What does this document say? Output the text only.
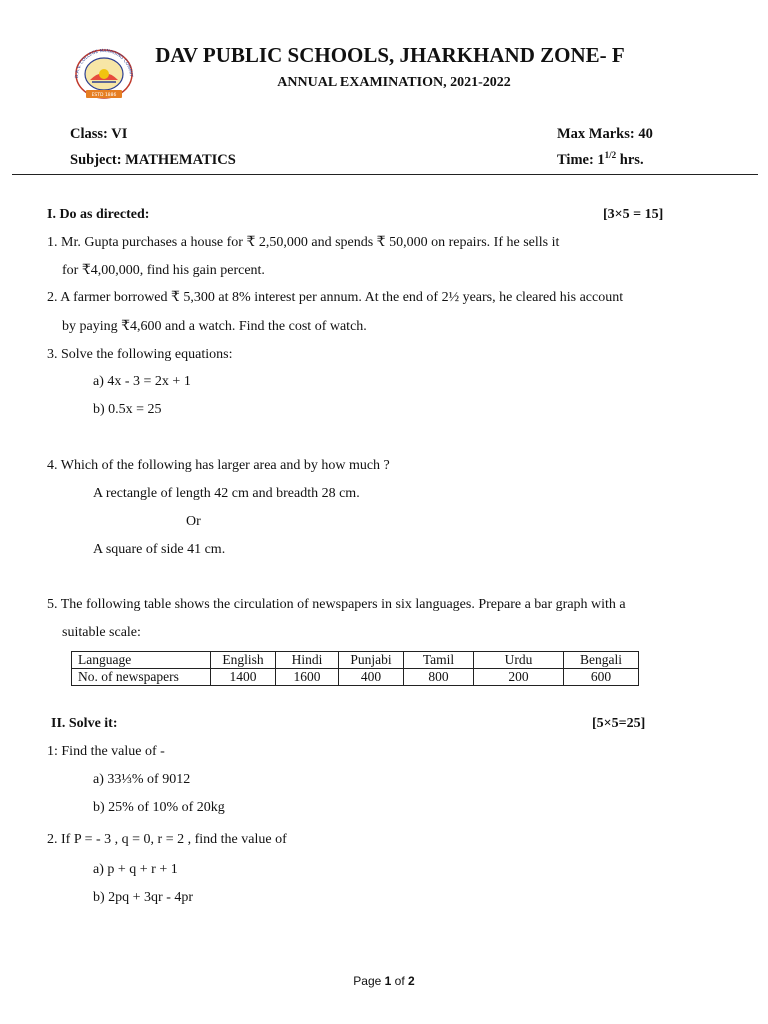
D.A.V. COLLEGE MANAGING COMMIT
ESTD 1886
DAV PUBLIC SCHOOLS, JHARKHAND ZONE- F
ANNUAL EXAMINATION, 2021-2022
Class: VI	Max Marks: 40
Subject: MATHEMATICS	Time: $1^{1/2}$ hrs.
I. Do as directed:	[3×5 = 15]
1. Mr. Gupta purchases a house for ₹ 2,50,000 and spends ₹ 50,000 on repairs. If he sells it
for ₹4,00,000, find his gain percent.
2. A farmer borrowed ₹ 5,300 at 8% interest per annum. At the end of 2½ years, he cleared his account
by paying ₹4,600 and a watch. Find the cost of watch.
3. Solve the following equations:
a) 4x - 3 = 2x + 1
b) 0.5x = 25
4. Which of the following has larger area and by how much ?
A rectangle of length 42 cm and breadth 28 cm.
Or
A square of side 41 cm.
5. The following table shows the circulation of newspapers in six languages. Prepare a bar graph with a
suitable scale:
Language	English	Hindi	Punjabi	Tamil	Urdu	Bengali
No. of newspapers	1400	1600	400	800	200	600
II. Solve it:	[5×5=25]
1: Find the value of -
a) 33⅓% of 9012
b) 25% of 10% of 20kg
2. If P = - 3 , q = 0, r = 2 , find the value of
a) p + q + r + 1
b) 2pq + 3qr - 4pr
Page 1 of 2
